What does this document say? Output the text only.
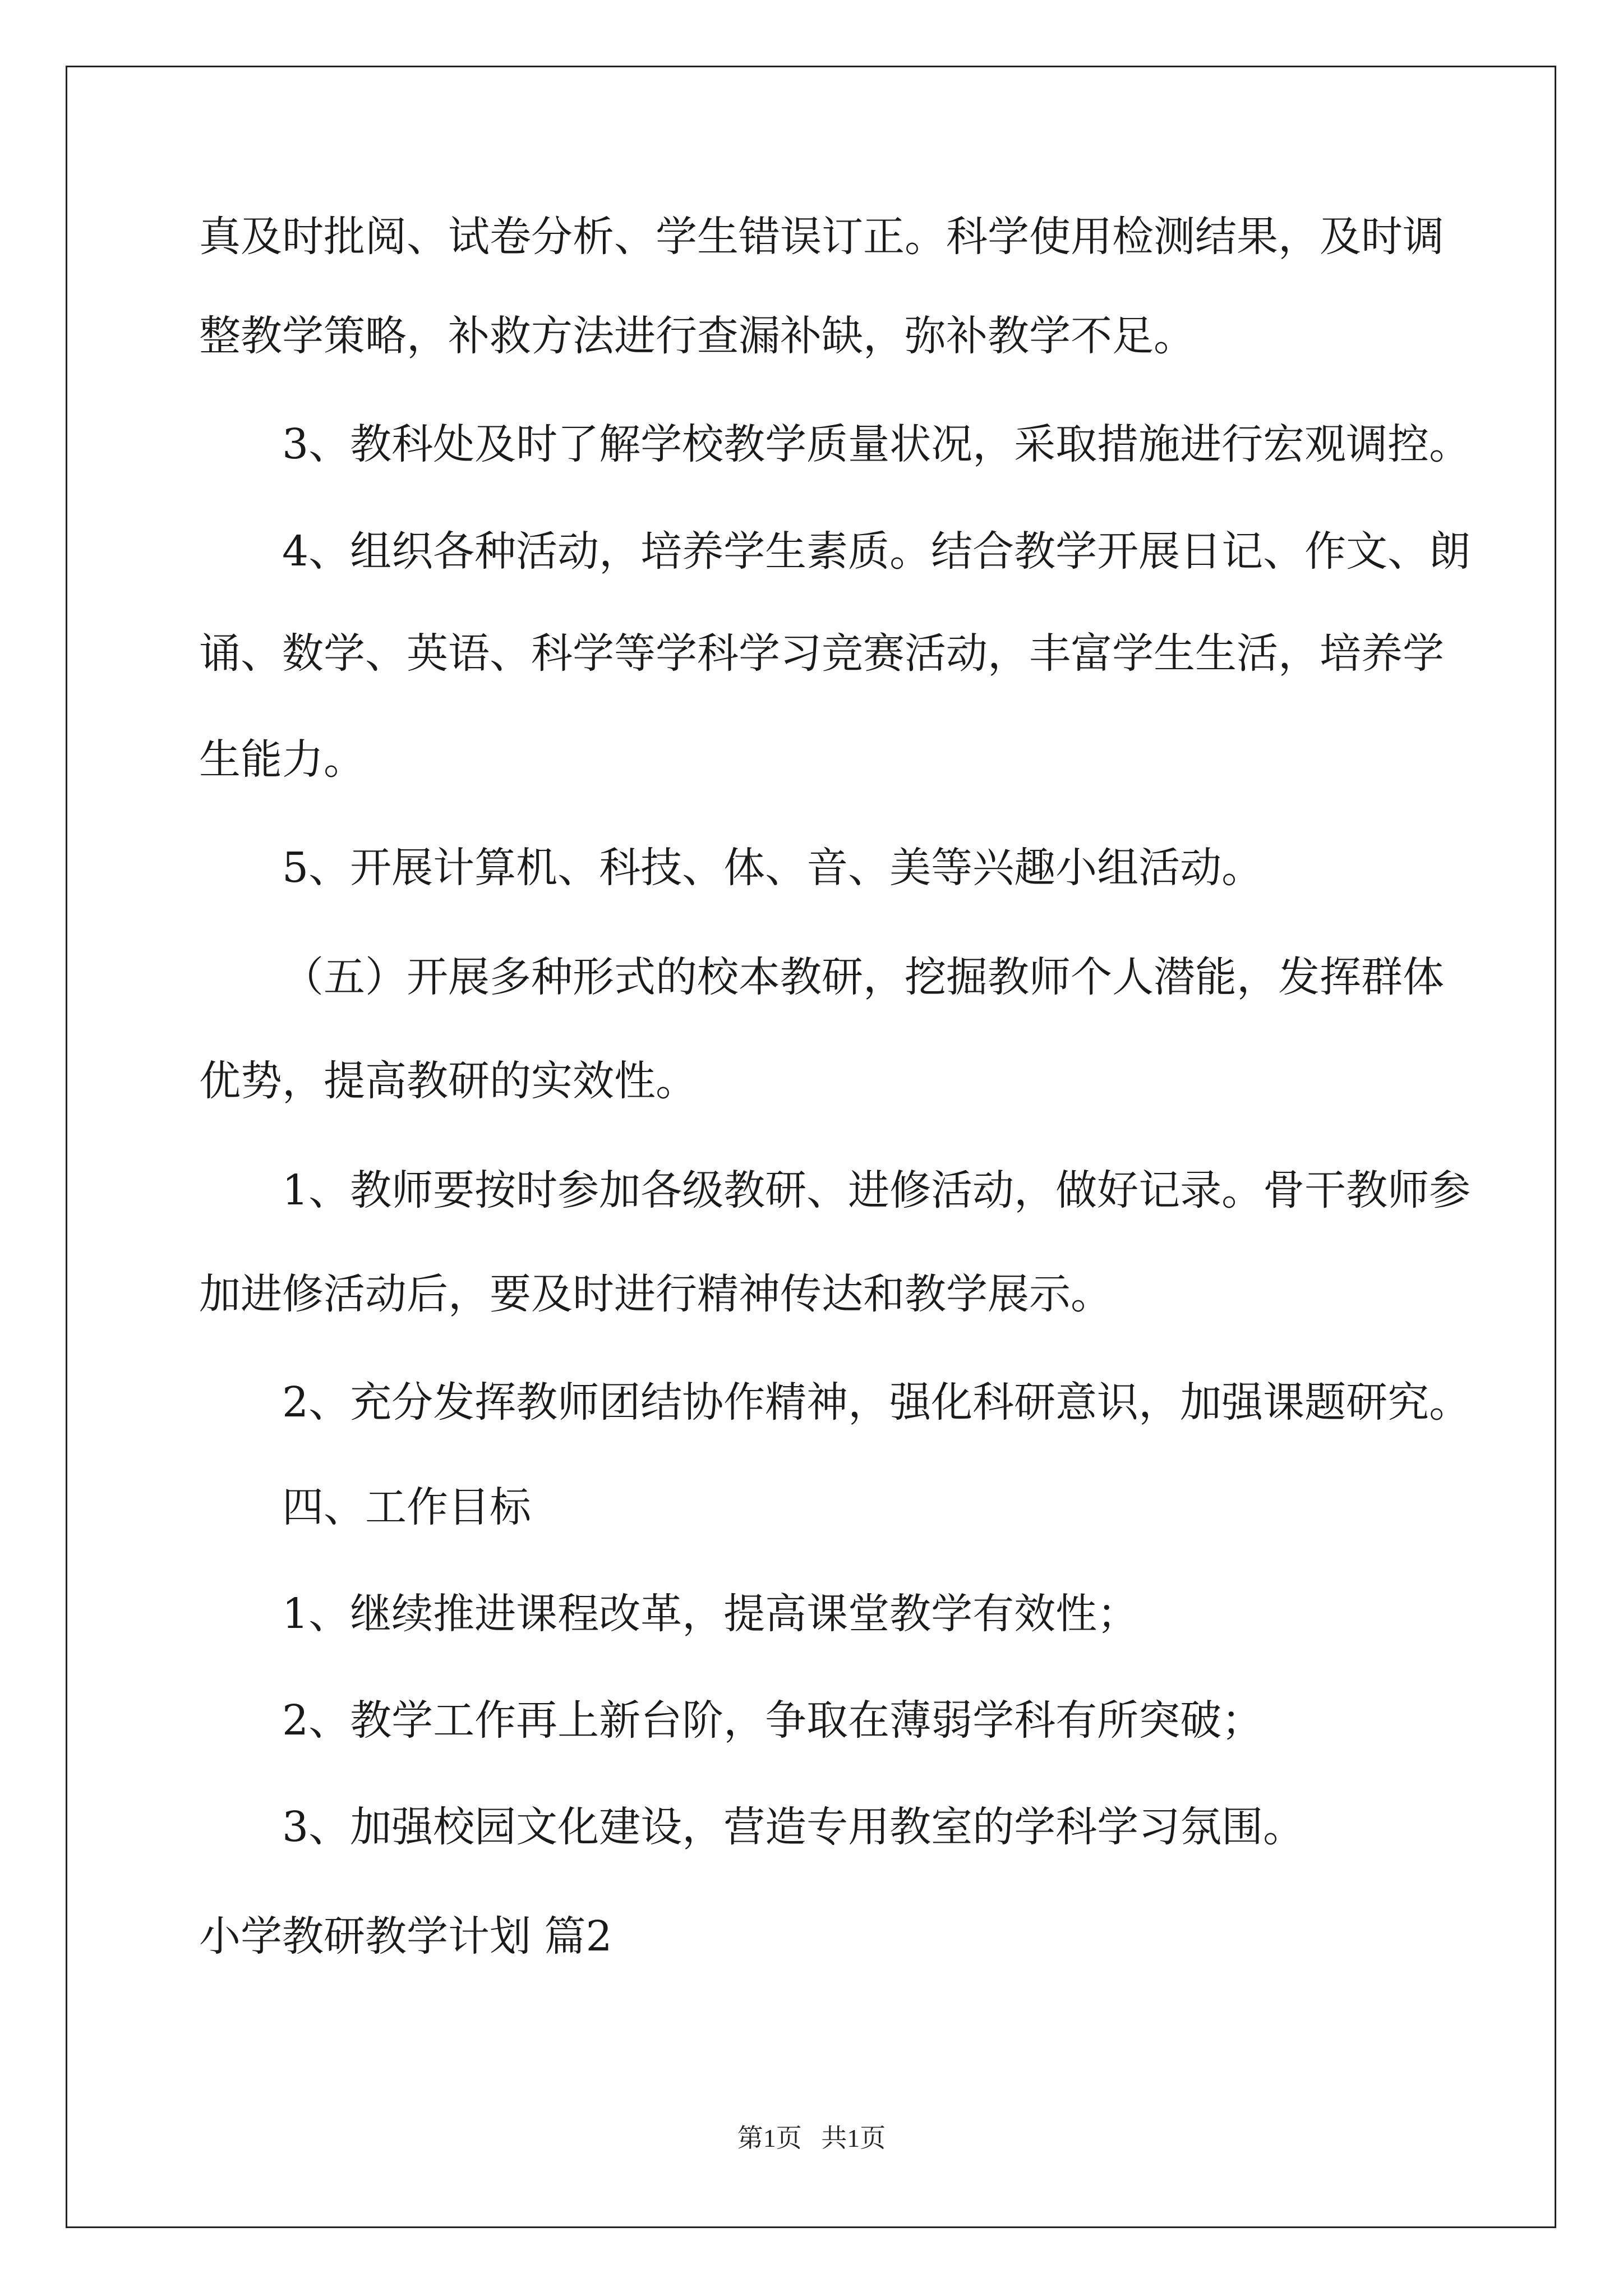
真及时批阅、试卷分析、学生错误订正。科学使用检测结果，及时调
整教学策略，补救方法进行查漏补缺，弥补教学不足。
3、教科处及时了解学校教学质量状况，采取措施进行宏观调控。
4、组织各种活动，培养学生素质。结合教学开展日记、作文、朗
诵、数学、英语、科学等学科学习竞赛活动，丰富学生生活，培养学
生能力。
5、开展计算机、科技、体、音、美等兴趣小组活动。
（五）开展多种形式的校本教研，挖掘教师个人潜能，发挥群体
优势，提高教研的实效性。
1、教师要按时参加各级教研、进修活动，做好记录。骨干教师参
加进修活动后，要及时进行精神传达和教学展示。
2、充分发挥教师团结协作精神，强化科研意识，加强课题研究。
四、工作目标
1、继续推进课程改革，提高课堂教学有效性；
2、教学工作再上新台阶，争取在薄弱学科有所突破；
3、加强校园文化建设，营造专用教室的学科学习氛围。
小学教研教学计划 篇2
第1页   共1页
